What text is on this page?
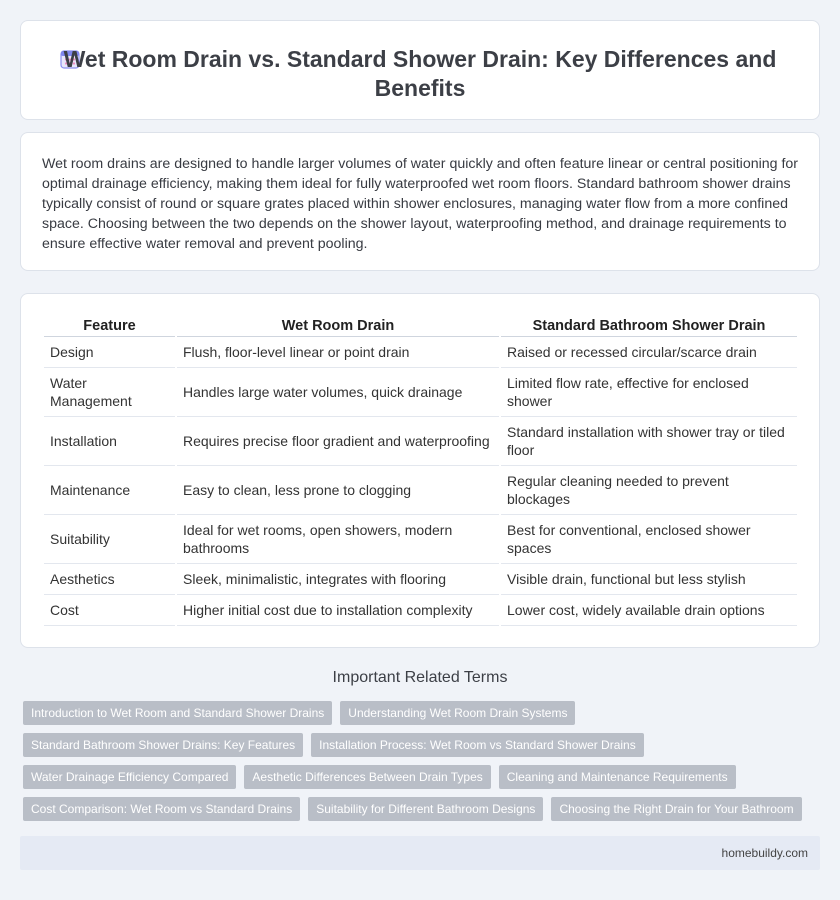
Wet Room Drain vs. Standard Shower Drain: Key Differences and Benefits

Wet room drains are designed to handle larger volumes of water quickly and often feature linear or central positioning for optimal drainage efficiency, making them ideal for fully waterproofed wet room floors. Standard bathroom shower drains typically consist of round or square grates placed within shower enclosures, managing water flow from a more confined space. Choosing between the two depends on the shower layout, waterproofing method, and drainage requirements to ensure effective water removal and prevent pooling.

Feature	Wet Room Drain	Standard Bathroom Shower Drain
Design	Flush, floor-level linear or point drain	Raised or recessed circular/scarce drain
Water Management	Handles large water volumes, quick drainage	Limited flow rate, effective for enclosed shower
Installation	Requires precise floor gradient and waterproofing	Standard installation with shower tray or tiled floor
Maintenance	Easy to clean, less prone to clogging	Regular cleaning needed to prevent blockages
Suitability	Ideal for wet rooms, open showers, modern bathrooms	Best for conventional, enclosed shower spaces
Aesthetics	Sleek, minimalistic, integrates with flooring	Visible drain, functional but less stylish
Cost	Higher initial cost due to installation complexity	Lower cost, widely available drain options
Important Related Terms
Introduction to Wet Room and Standard Shower Drains	Understanding Wet Room Drain Systems
Standard Bathroom Shower Drains: Key Features	Installation Process: Wet Room vs Standard Shower Drains
Water Drainage Efficiency Compared	Aesthetic Differences Between Drain Types	Cleaning and Maintenance Requirements
Cost Comparison: Wet Room vs Standard Drains	Suitability for Different Bathroom Designs	Choosing the Right Drain for Your Bathroom
homebuildy.com
